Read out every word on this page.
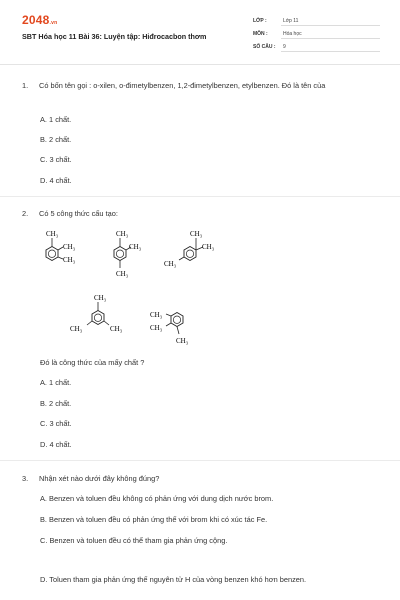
2048.vn
SBT Hóa học 11 Bài 36: Luyện tập: Hiđrocacbon thơm
LỚP :	Lớp 11
MÔN :	Hóa học
SỐ CÂU : 9
1.	Có bốn tên gọi : o-xilen, o-đimetylbenzen, 1,2-đimetylbenzen, etylbenzen. Đó là tên của
A. 1 chất.
B. 2 chất.
C. 3 chất.
D. 4 chất.
2.	Có 5 công thức cấu tạo:
CH₃
CH₃
CH₃
CH₃
CH₃
CH₃
CH₃
CH₃
CH₃
CH₃
CH₃	CH₃
CH₃
CH₃
CH₃
Đó là công thức của mấy chất ?
A. 1 chất.
B. 2 chất.
C. 3 chất.
D. 4 chất.
3.	Nhận xét nào dưới đây không đúng?
A. Benzen và toluen đều không có phản ứng với dung dịch nước brom.
B. Benzen và toluen đều có phản ứng thế với brom khi có xúc tác Fe.
C. Benzen và toluen đều có thể tham gia phản ứng cộng.
D. Toluen tham gia phản ứng thế nguyên tử H của vòng benzen khó hơn benzen.
